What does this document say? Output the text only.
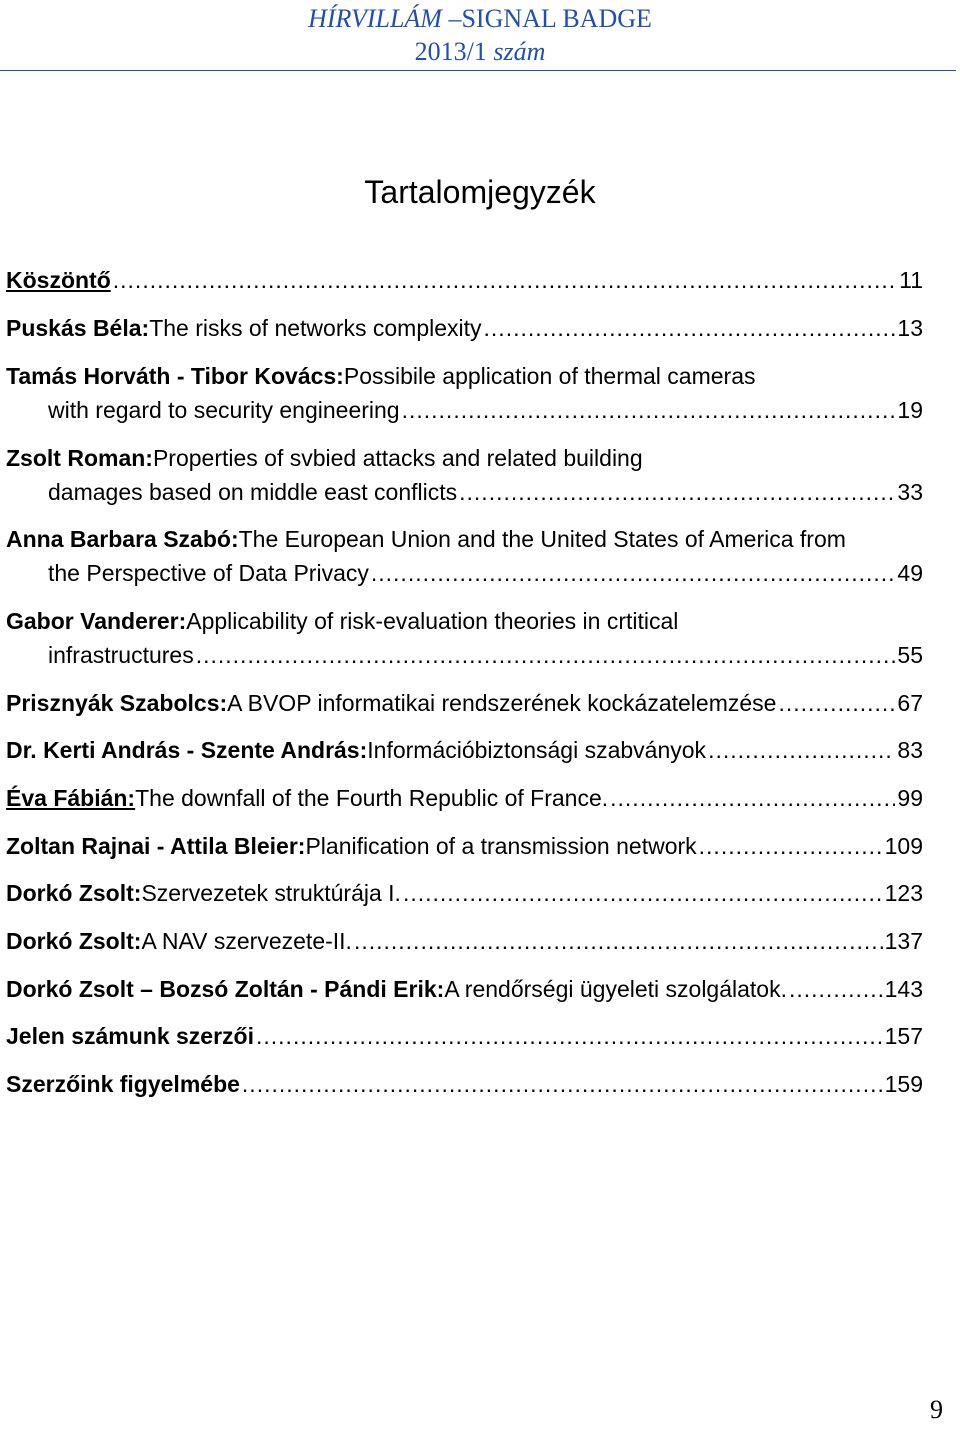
HÍRVILLÁM –SIGNAL BADGE
2013/1 szám
Tartalomjegyzék
Köszöntő .....	11
Puskás Béla: The risks of networks complexity .....	13
Tamás Horváth - Tibor Kovács: Possibile application of thermal cameras
with regard to security engineering .....	19
Zsolt Roman: Properties of svbied attacks and related building
damages based on middle east conflicts .....	33
Anna Barbara Szabó: The European Union and the United States of America from
the Perspective of Data Privacy .....	49
Gabor Vanderer: Applicability of risk-evaluation theories in crtitical
infrastructures .....	55
Prisznyák Szabolcs: A BVOP informatikai rendszerének kockázatelemzése .....	67
Dr. Kerti András - Szente András: Információbiztonsági szabványok .....	83
Éva Fábián: The downfall of the Fourth Republic of France. .....	99
Zoltan Rajnai - Attila Bleier: Planification of a transmission network .....	109
Dorkó Zsolt: Szervezetek struktúrája I. .....	123
Dorkó Zsolt: A NAV szervezete-II. .....	137
Dorkó Zsolt – Bozsó Zoltán - Pándi Erik: A rendőrségi ügyeleti szolgálatok. .....	143
Jelen számunk szerzői .....	157
Szerzőink figyelmébe .....	159
9
